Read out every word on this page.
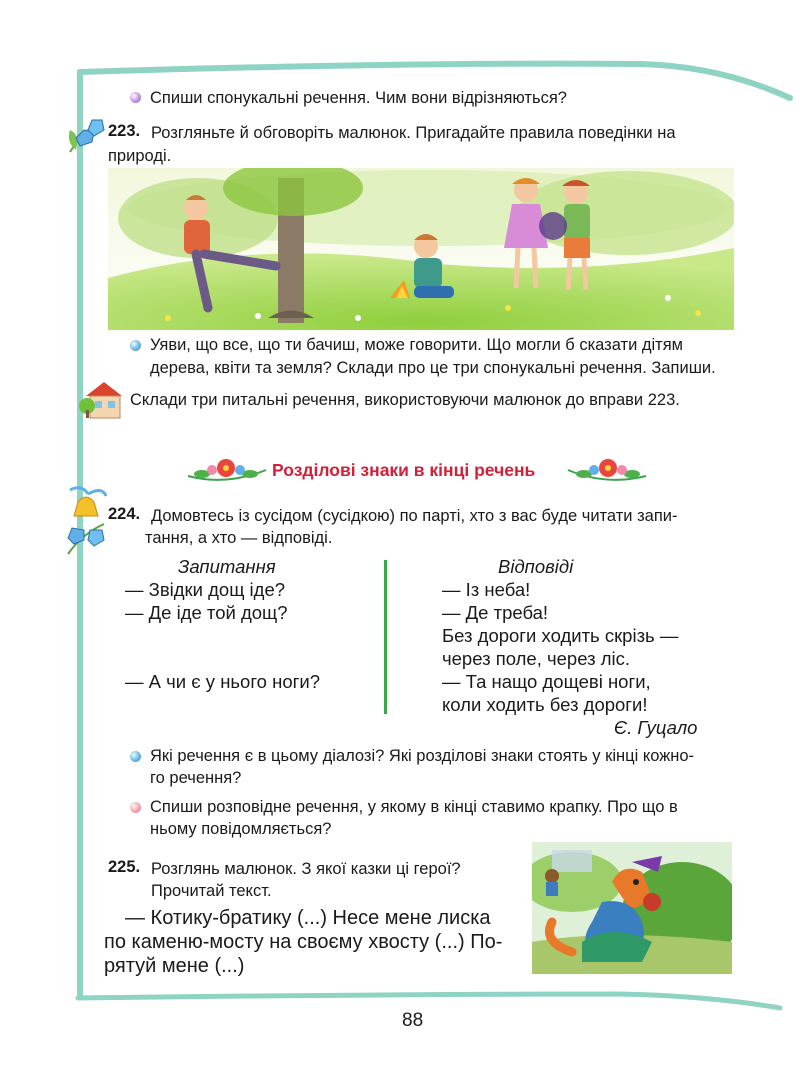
Спиши спонукальні речення. Чим вони відрізняються?
223. Розгляньте й обговоріть малюнок. Пригадайте правила поведінки на
природі.
Уяви, що все, що ти бачиш, може говорити. Що могли б сказати дітям
дерева, квіти та земля? Склади про це три спонукальні речення. Запиши.
Склади три питальні речення, використовуючи малюнок до вправи 223.
Розділові знаки в кінці речень
224. Домовтесь із сусідом (сусідкою) по парті, хто з вас буде читати запи-
тання, а хто — відповіді.
Запитання	Відповіді
— Звідки дощ іде?
— Де іде той дощ?
— А чи є у нього ноги?
— Із неба!
— Де треба!
Без дороги ходить скрізь —
через поле, через ліс.
— Та нащо дощеві ноги,
коли ходить без дороги!
Є. Гуцало
Які речення є в цьому діалозі? Які розділові знаки стоять у кінці кожно-
го речення?
Спиши розповідне речення, у якому в кінці ставимо крапку. Про що в
ньому повідомляється?
225. Розглянь малюнок. З якої казки ці герої?
Прочитай текст.
— Котику-братику (...) Несе мене лиска
по каменю-мосту на своєму хвосту (...) По-
рятуй мене (...)
88
